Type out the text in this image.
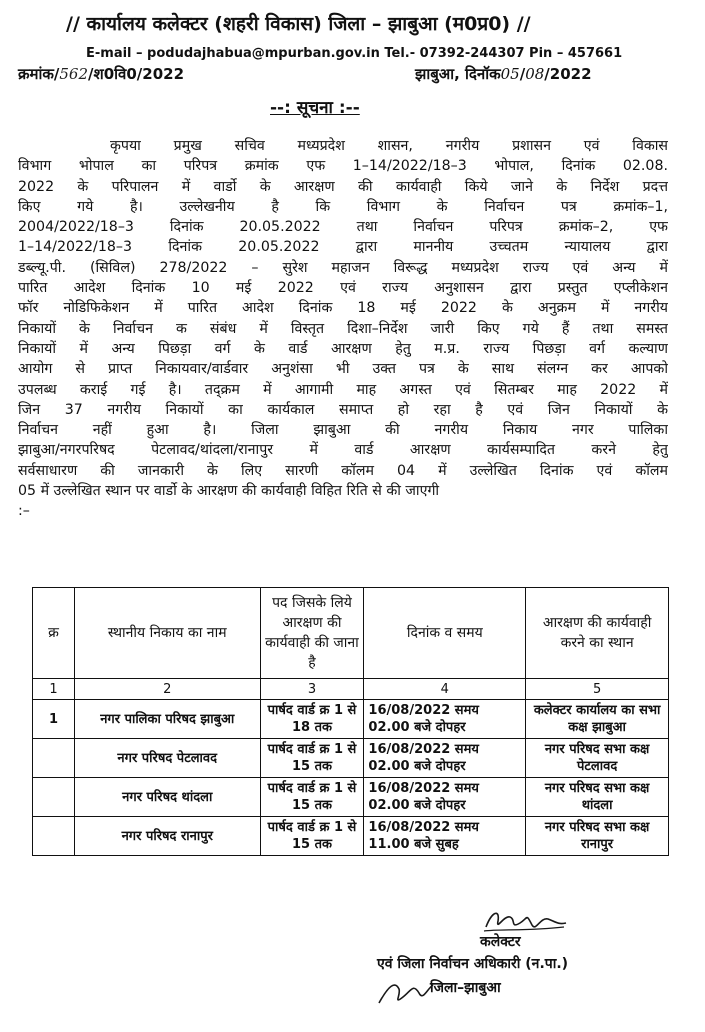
// कार्यालय कलेक्टर (शहरी विकास) जिला – झाबुआ (म0प्र0) //
E-mail – podudajhabua@mpurban.gov.in Tel.- 07392-244307 Pin – 457661
क्रमांक/562/श0वि0/2022	झाबुआ, दिनॉक05/08/2022
--: सूचना :--
कृपया प्रमुख सचिव मध्यप्रदेश शासन, नगरीय प्रशासन एवं विकास
विभाग भोपाल का परिपत्र क्रमांक एफ 1–14/2022/18–3 भोपाल, दिनांक 02.08.
2022 के परिपालन में वार्डो के आरक्षण की कार्यवाही किये जाने के निर्देश प्रदत्त
किए गये है। उल्लेखनीय है कि विभाग के निर्वाचन पत्र क्रमांक–1,
2004/2022/18–3 दिनांक 20.05.2022 तथा निर्वाचन परिपत्र क्रमांक–2, एफ
1–14/2022/18–3 दिनांक 20.05.2022 द्वारा माननीय उच्चतम न्यायालय द्वारा
डब्ल्यू.पी. (सिविल) 278/2022 – सुरेश महाजन विरूद्ध मध्यप्रदेश राज्य एवं अन्य में
पारित आदेश दिनांक 10 मई 2022 एवं राज्य अनुशासन द्वारा प्रस्तुत एप्लीकेशन
फॉर नोडिफिकेशन में पारित आदेश दिनांक 18 मई 2022 के अनुक्रम में नगरीय
निकायों के निर्वाचन क संबंध में विस्तृत दिशा–निर्देश जारी किए गये हैं तथा समस्त
निकायों में अन्य पिछड़ा वर्ग के वार्ड आरक्षण हेतु म.प्र. राज्य पिछड़ा वर्ग कल्याण
आयोग से प्राप्त निकायवार/वार्डवार अनुशंसा भी उक्त पत्र के साथ संलग्न कर आपको
उपलब्ध कराई गई है। तद्क्रम में आगामी माह अगस्त एवं सितम्बर माह 2022 में
जिन 37 नगरीय निकायों का कार्यकाल समाप्त हो रहा है एवं जिन निकायों के
निर्वाचन नहीं हुआ है। जिला झाबुआ की नगरीय निकाय नगर पालिका
झाबुआ/नगरपरिषद पेटलावद/थांदला/रानापुर में वार्ड आरक्षण कार्यसम्पादित करने हेतु
सर्वसाधारण की जानकारी के लिए सारणी कॉलम 04 में उल्लेखित दिनांक एवं कॉलम
05 में उल्लेखित स्थान पर वार्डो के आरक्षण की कार्यवाही विहित रिति से की जाएगी
:–
क्र	स्थानीय निकाय का नाम	पद जिसके लिये आरक्षण की कार्यवाही की जाना है	दिनांक व समय	आरक्षण की कार्यवाही करने का स्थान
1	2	3	4	5
1	नगर पालिका परिषद झाबुआ	पार्षद वार्ड क्र 1 से 18 तक	16/08/2022 समय 02.00 बजे दोपहर	कलेक्टर कार्यालय का सभा कक्ष झाबुआ
	नगर परिषद पेटलावद	पार्षद वार्ड क्र 1 से 15 तक	16/08/2022 समय 02.00 बजे दोपहर	नगर परिषद सभा कक्ष पेटलावद
	नगर परिषद थांदला	पार्षद वार्ड क्र 1 से 15 तक	16/08/2022 समय 02.00 बजे दोपहर	नगर परिषद सभा कक्ष थांदला
	नगर परिषद रानापुर	पार्षद वार्ड क्र 1 से 15 तक	16/08/2022 समय 11.00 बजे सुबह	नगर परिषद सभा कक्ष रानापुर
कलेक्टर
एवं जिला निर्वाचन अधिकारी (न.पा.)
जिला–झाबुआ
